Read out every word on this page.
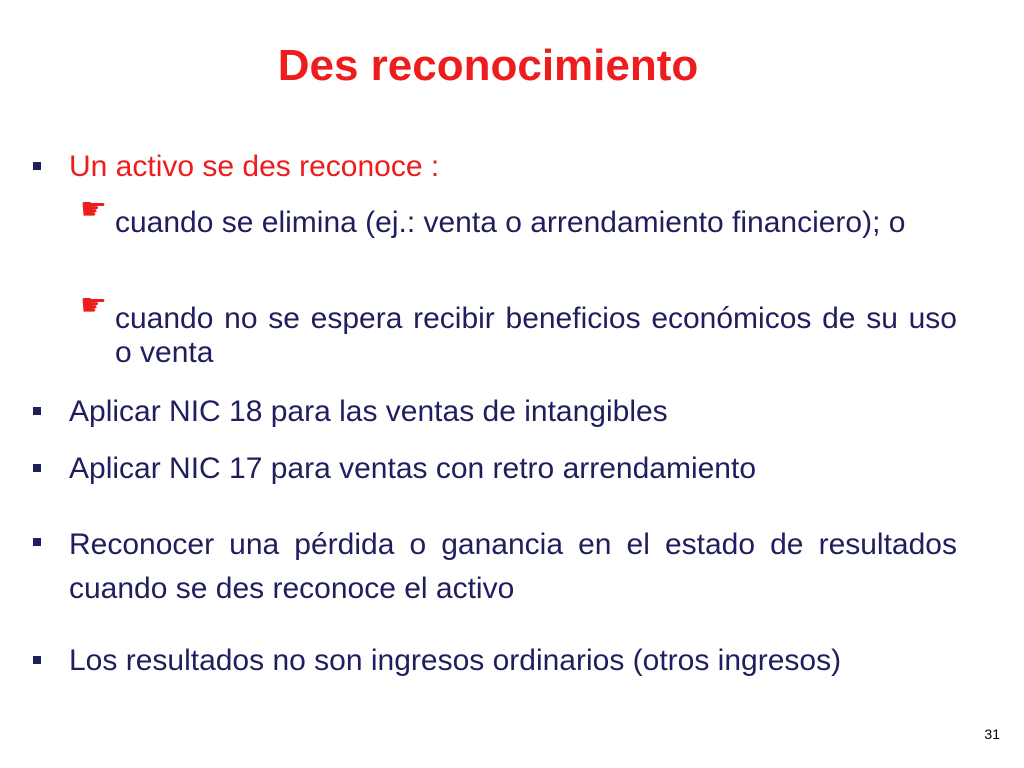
Des reconocimiento
Un activo se des reconoce :
☛ cuando se elimina (ej.: venta o arrendamiento financiero); o
☛ cuando no se espera recibir beneficios económicos de su uso o venta
Aplicar NIC 18 para las ventas de intangibles
Aplicar NIC 17 para ventas con retro arrendamiento
Reconocer una pérdida o ganancia en el estado de resultados cuando se des reconoce el activo
Los resultados no son ingresos ordinarios (otros ingresos)
31
